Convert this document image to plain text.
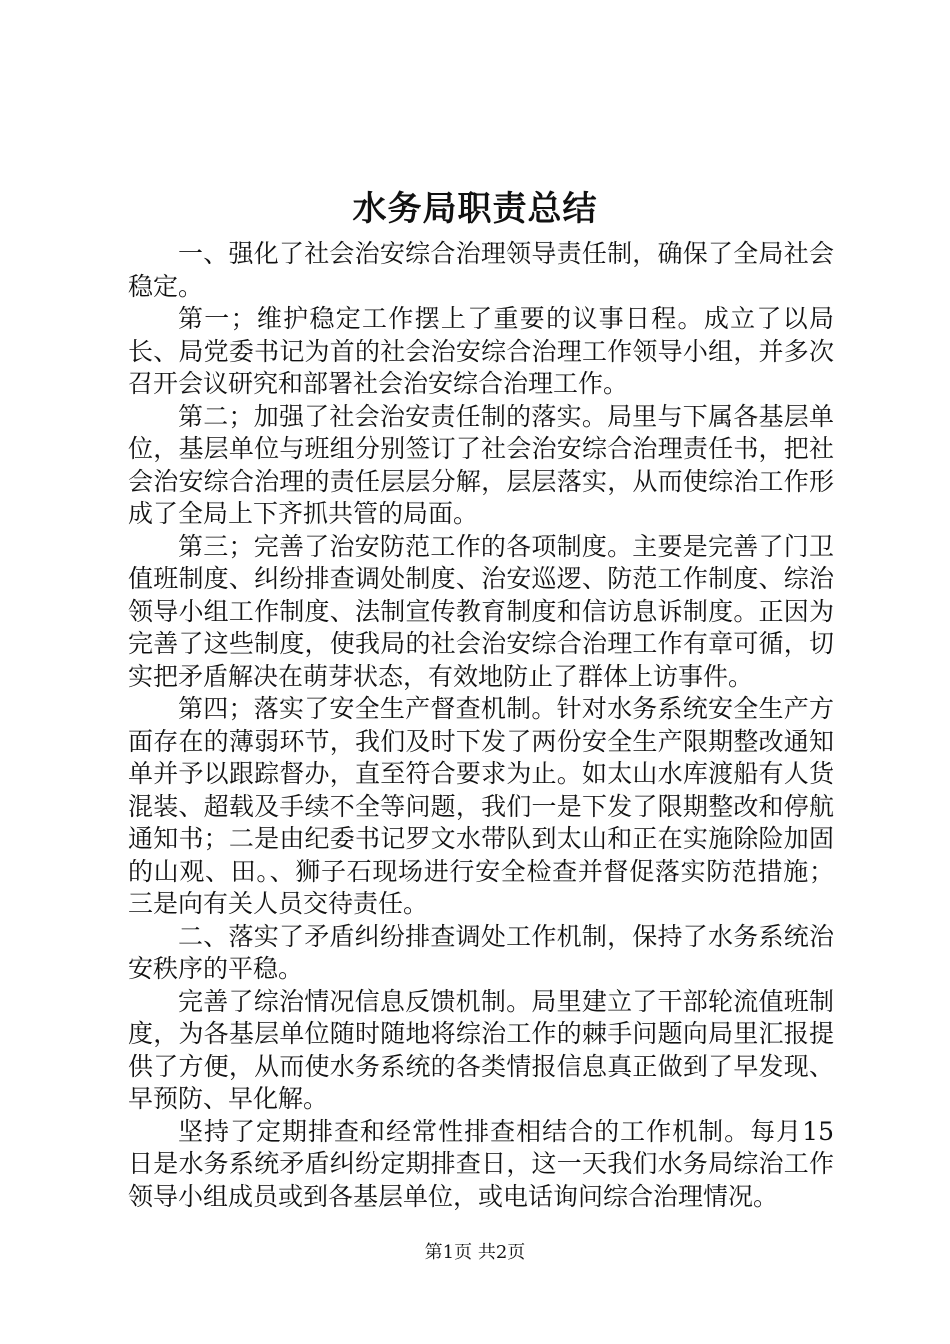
水务局职责总结

一、强化了社会治安综合治理领导责任制，确保了全局社会稳定。

第一；维护稳定工作摆上了重要的议事日程。成立了以局长、局党委书记为首的社会治安综合治理工作领导小组，并多次召开会议研究和部署社会治安综合治理工作。

第二；加强了社会治安责任制的落实。局里与下属各基层单位，基层单位与班组分别签订了社会治安综合治理责任书，把社会治安综合治理的责任层层分解，层层落实，从而使综治工作形成了全局上下齐抓共管的局面。

第三；完善了治安防范工作的各项制度。主要是完善了门卫值班制度、纠纷排查调处制度、治安巡逻、防范工作制度、综治领导小组工作制度、法制宣传教育制度和信访息诉制度。正因为完善了这些制度，使我局的社会治安综合治理工作有章可循，切实把矛盾解决在萌芽状态，有效地防止了群体上访事件。

第四；落实了安全生产督查机制。针对水务系统安全生产方面存在的薄弱环节，我们及时下发了两份安全生产限期整改通知单并予以跟踪督办，直至符合要求为止。如太山水库渡船有人货混装、超载及手续不全等问题，我们一是下发了限期整改和停航通知书；二是由纪委书记罗文水带队到太山和正在实施除险加固的山观、田。、狮子石现场进行安全检查并督促落实防范措施；三是向有关人员交待责任。

二、落实了矛盾纠纷排查调处工作机制，保持了水务系统治安秩序的平稳。

完善了综治情况信息反馈机制。局里建立了干部轮流值班制度，为各基层单位随时随地将综治工作的棘手问题向局里汇报提供了方便，从而使水务系统的各类情报信息真正做到了早发现、早预防、早化解。

坚持了定期排查和经常性排查相结合的工作机制。每月15日是水务系统矛盾纠纷定期排查日，这一天我们水务局综治工作领导小组成员或到各基层单位，或电话询问综合治理情况。

第1页 共2页
